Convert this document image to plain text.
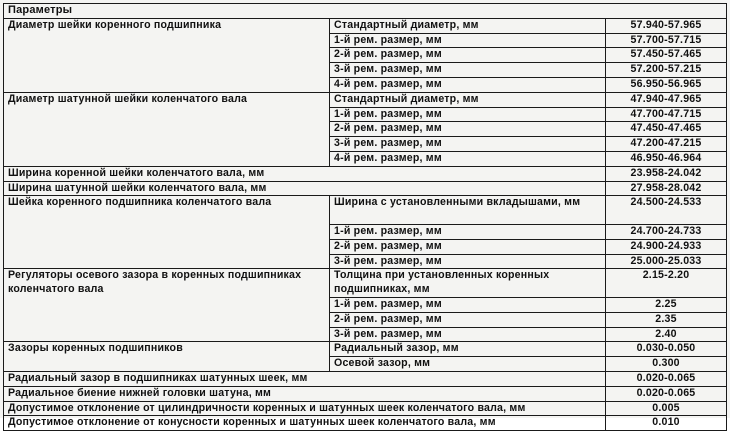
Параметры		
Диаметр шейки коренного подшипника	Стандартный диаметр, мм	57.940-57.965
	1-й рем. размер, мм	57.700-57.715
	2-й рем. размер, мм	57.450-57.465
	3-й рем. размер, мм	57.200-57.215
	4-й рем. размер, мм	56.950-56.965
Диаметр шатунной шейки коленчатого вала	Стандартный диаметр, мм	47.940-47.965
	1-й рем. размер, мм	47.700-47.715
	2-й рем. размер, мм	47.450-47.465
	3-й рем. размер, мм	47.200-47.215
	4-й рем. размер, мм	46.950-46.964
Ширина коренной шейки коленчатого вала, мм		23.958-24.042
Ширина шатунной шейки коленчатого вала, мм		27.958-28.042
Шейка коренного подшипника коленчатого вала	Ширина с установленными вкладышами, мм	24.500-24.533
	1-й рем. размер, мм	24.700-24.733
	2-й рем. размер, мм	24.900-24.933
	3-й рем. размер, мм	25.000-25.033
Регуляторы осевого зазора в коренных подшипниках коленчатого вала	Толщина при установленных коренных подшипниках, мм	2.15-2.20
	1-й рем. размер, мм	2.25
	2-й рем. размер, мм	2.35
	3-й рем. размер, мм	2.40
Зазоры коренных подшипников	Радиальный зазор, мм	0.030-0.050
	Осевой зазор, мм	0.300
Радиальный зазор в подшипниках шатунных шеек, мм		0.020-0.065
Радиальное биение нижней головки шатуна, мм		0.020-0.065
Допустимое отклонение от цилиндричности коренных и шатунных шеек коленчатого вала, мм		0.005
Допустимое отклонение от конусности коренных и шатунных шеек коленчатого вала, мм		0.010
